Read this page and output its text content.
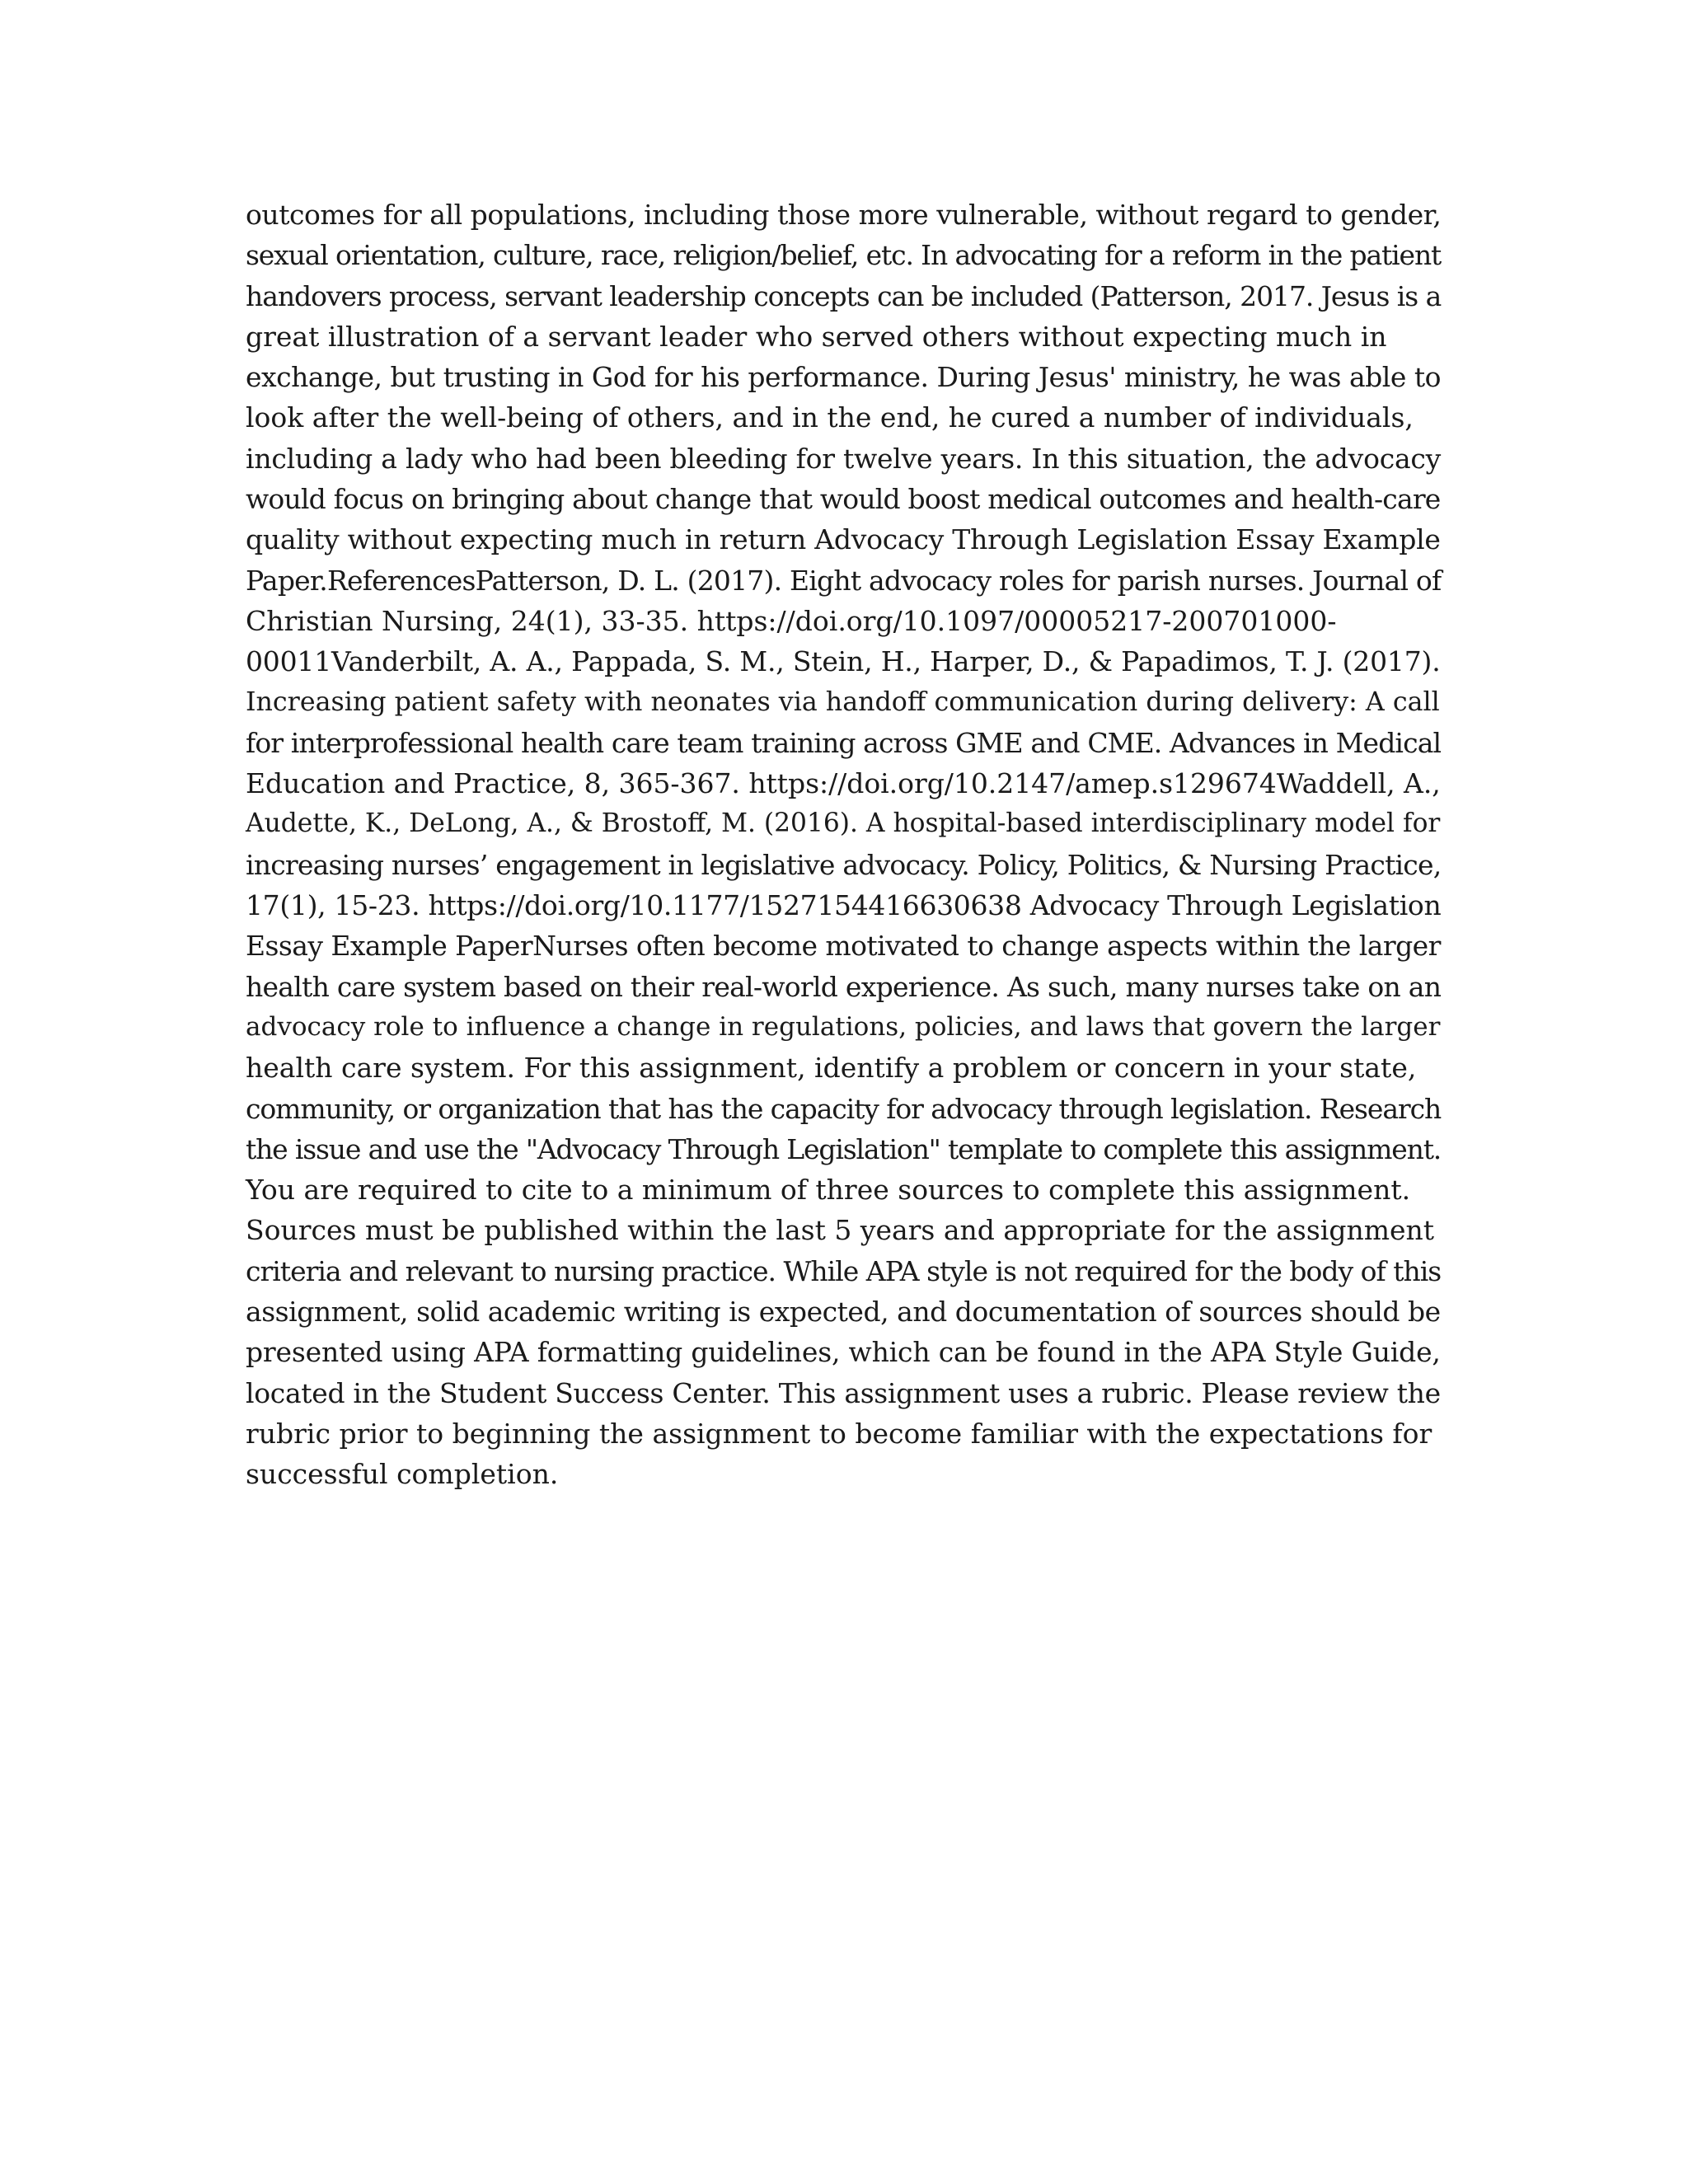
outcomes for all populations, including those more vulnerable, without regard to gender,
sexual orientation, culture, race, religion/belief, etc. In advocating for a reform in the patient
handovers process, servant leadership concepts can be included (Patterson, 2017. Jesus is a
great illustration of a servant leader who served others without expecting much in
exchange, but trusting in God for his performance. During Jesus' ministry, he was able to
look after the well-being of others, and in the end, he cured a number of individuals,
including a lady who had been bleeding for twelve years. In this situation, the advocacy
would focus on bringing about change that would boost medical outcomes and health-care
quality without expecting much in return Advocacy Through Legislation Essay Example
Paper.ReferencesPatterson, D. L. (2017). Eight advocacy roles for parish nurses. Journal of
Christian Nursing, 24(1), 33-35. https://doi.org/10.1097/00005217-200701000-
00011Vanderbilt, A. A., Pappada, S. M., Stein, H., Harper, D., & Papadimos, T. J. (2017).
Increasing patient safety with neonates via handoff communication during delivery: A call
for interprofessional health care team training across GME and CME. Advances in Medical
Education and Practice, 8, 365-367. https://doi.org/10.2147/amep.s129674Waddell, A.,
Audette, K., DeLong, A., & Brostoff, M. (2016). A hospital-based interdisciplinary model for
increasing nurses’ engagement in legislative advocacy. Policy, Politics, & Nursing Practice,
17(1), 15-23. https://doi.org/10.1177/1527154416630638 Advocacy Through Legislation
Essay Example PaperNurses often become motivated to change aspects within the larger
health care system based on their real-world experience. As such, many nurses take on an
advocacy role to influence a change in regulations, policies, and laws that govern the larger
health care system. For this assignment, identify a problem or concern in your state,
community, or organization that has the capacity for advocacy through legislation. Research
the issue and use the "Advocacy Through Legislation" template to complete this assignment.
You are required to cite to a minimum of three sources to complete this assignment.
Sources must be published within the last 5 years and appropriate for the assignment
criteria and relevant to nursing practice. While APA style is not required for the body of this
assignment, solid academic writing is expected, and documentation of sources should be
presented using APA formatting guidelines, which can be found in the APA Style Guide,
located in the Student Success Center. This assignment uses a rubric. Please review the
rubric prior to beginning the assignment to become familiar with the expectations for
successful completion.
